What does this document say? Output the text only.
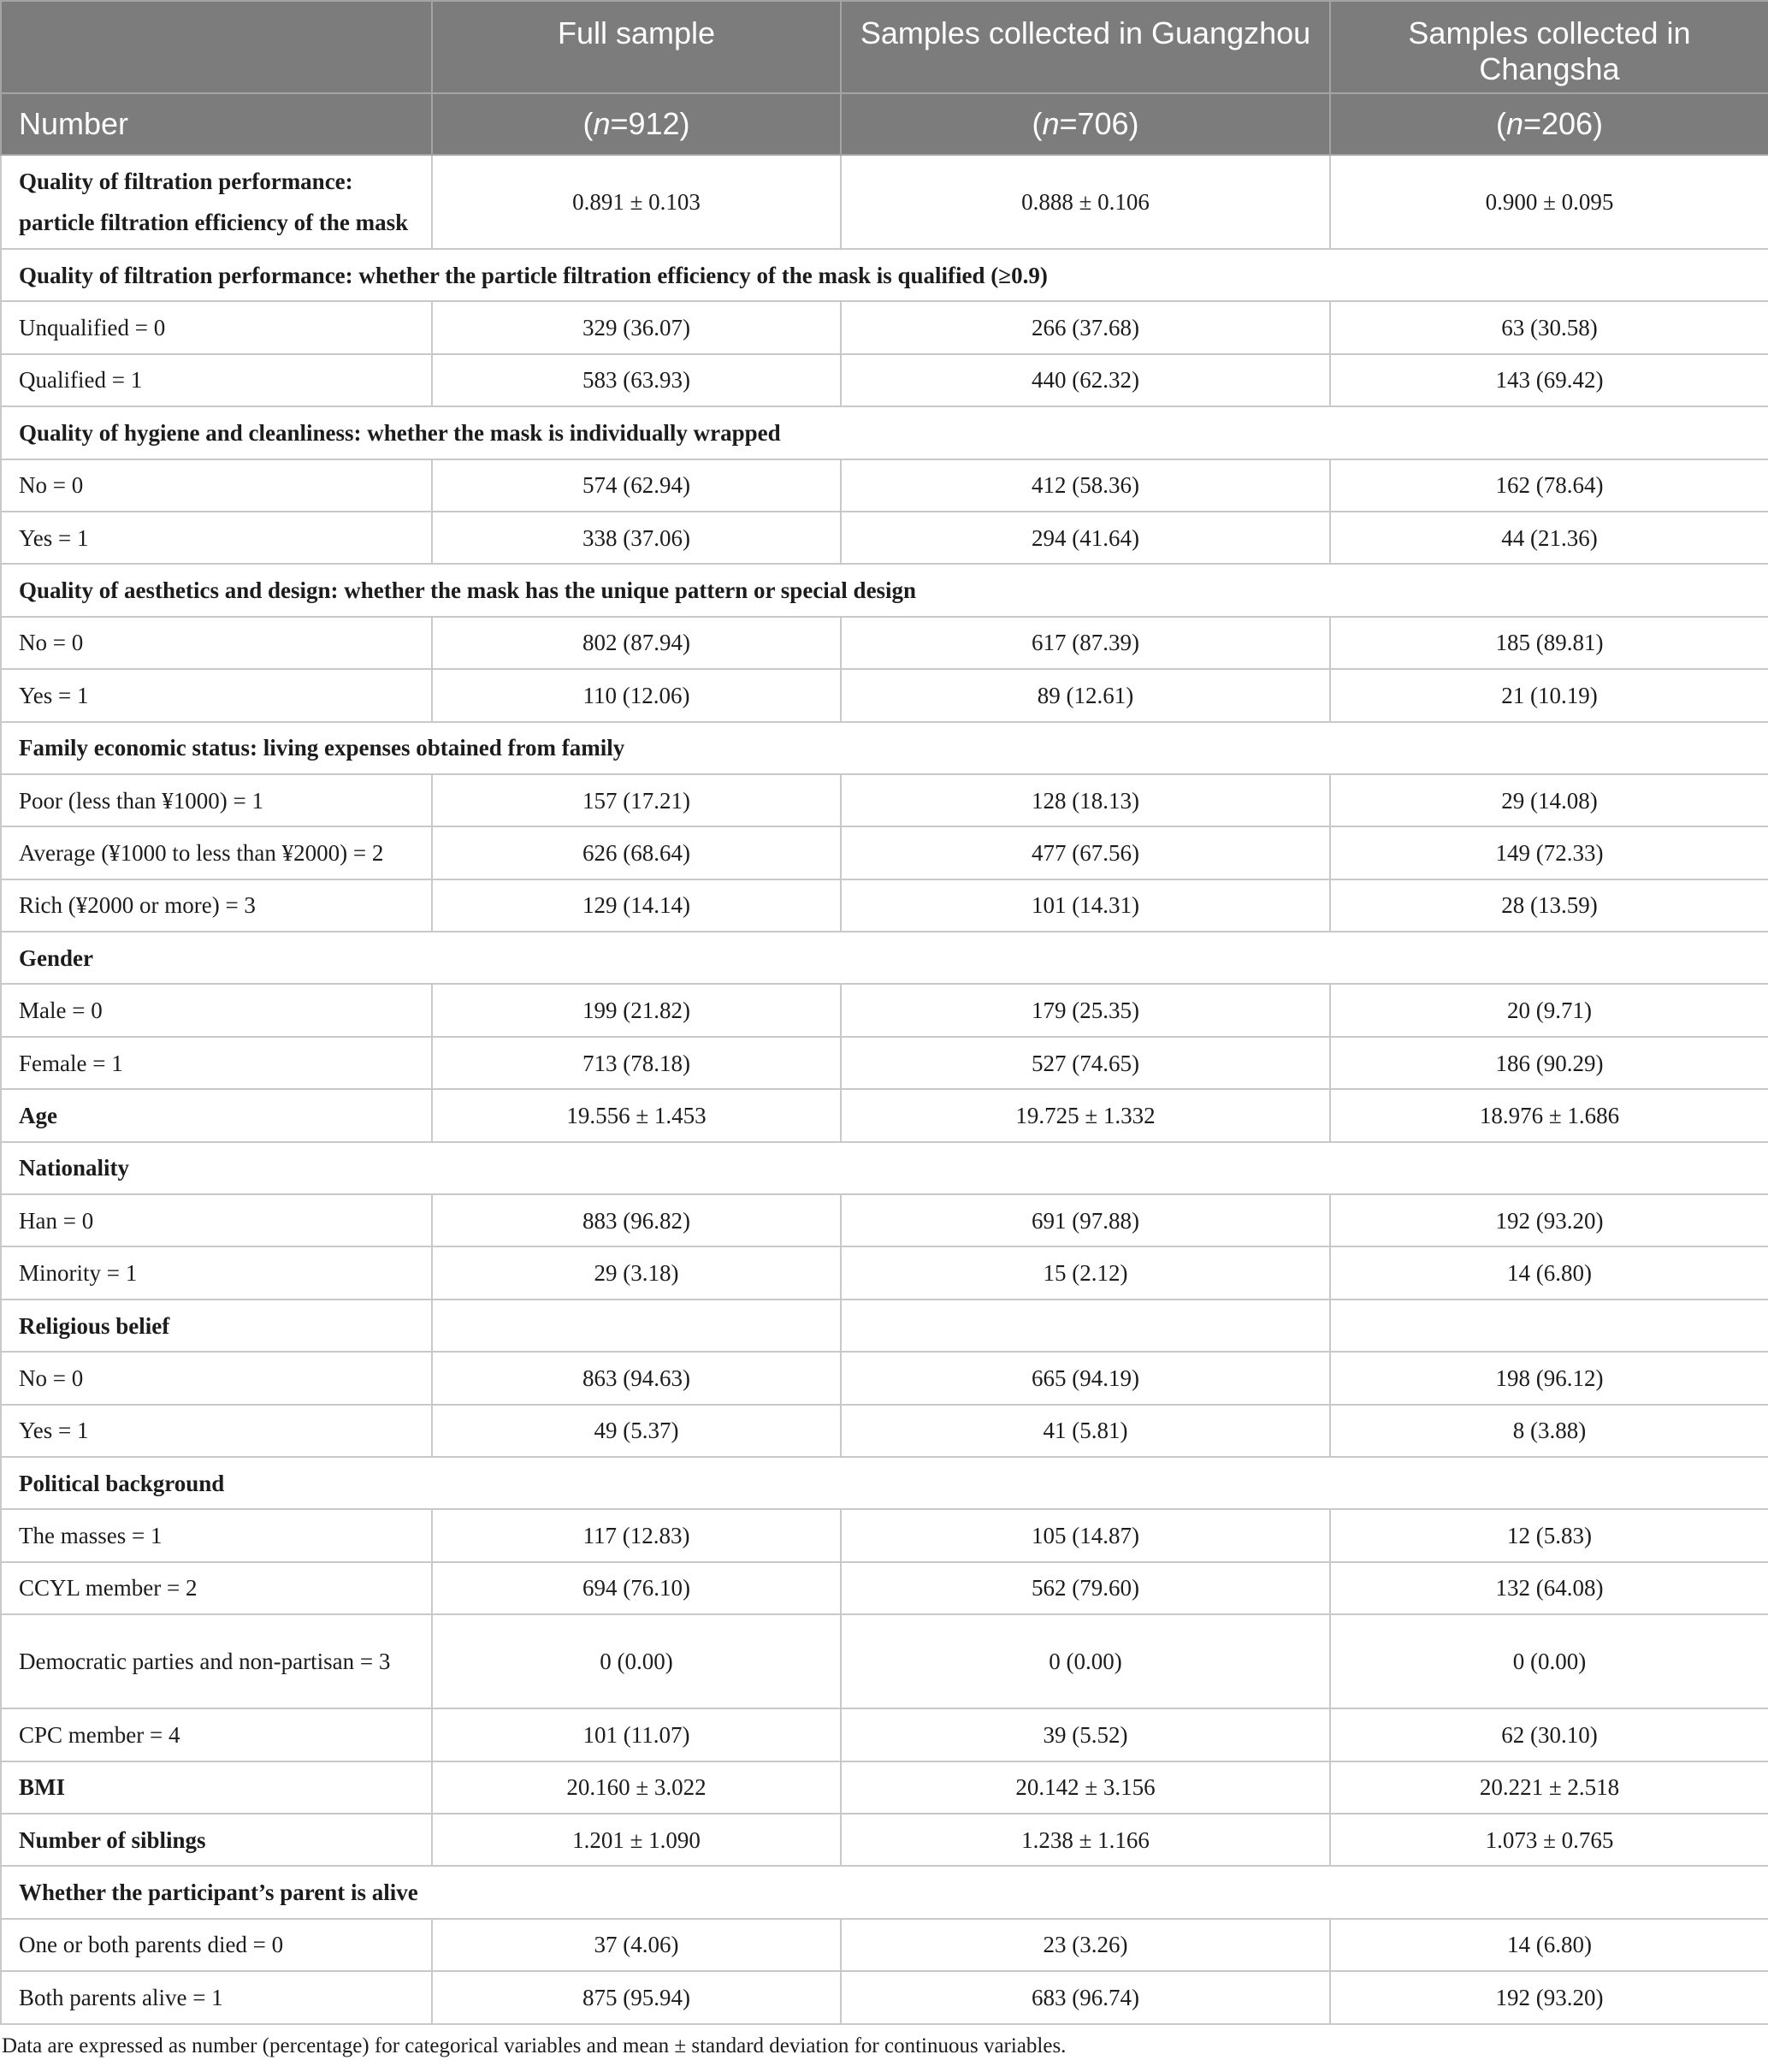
	Full sample	Samples collected in Guangzhou	Samples collected in Changsha
Number	(n=912)	(n=706)	(n=206)
Quality of filtration performance: particle filtration efficiency of the mask	0.891 ± 0.103	0.888 ± 0.106	0.900 ± 0.095
Quality of filtration performance: whether the particle filtration efficiency of the mask is qualified (≥0.9)			
Unqualified = 0	329 (36.07)	266 (37.68)	63 (30.58)
Qualified = 1	583 (63.93)	440 (62.32)	143 (69.42)
Quality of hygiene and cleanliness: whether the mask is individually wrapped			
No = 0	574 (62.94)	412 (58.36)	162 (78.64)
Yes = 1	338 (37.06)	294 (41.64)	44 (21.36)
Quality of aesthetics and design: whether the mask has the unique pattern or special design			
No = 0	802 (87.94)	617 (87.39)	185 (89.81)
Yes = 1	110 (12.06)	89 (12.61)	21 (10.19)
Family economic status: living expenses obtained from family			
Poor (less than ¥1000) = 1	157 (17.21)	128 (18.13)	29 (14.08)
Average (¥1000 to less than ¥2000) = 2	626 (68.64)	477 (67.56)	149 (72.33)
Rich (¥2000 or more) = 3	129 (14.14)	101 (14.31)	28 (13.59)
Gender			
Male = 0	199 (21.82)	179 (25.35)	20 (9.71)
Female = 1	713 (78.18)	527 (74.65)	186 (90.29)
Age	19.556 ± 1.453	19.725 ± 1.332	18.976 ± 1.686
Nationality			
Han = 0	883 (96.82)	691 (97.88)	192 (93.20)
Minority = 1	29 (3.18)	15 (2.12)	14 (6.80)
Religious belief			
No = 0	863 (94.63)	665 (94.19)	198 (96.12)
Yes = 1	49 (5.37)	41 (5.81)	8 (3.88)
Political background			
The masses = 1	117 (12.83)	105 (14.87)	12 (5.83)
CCYL member = 2	694 (76.10)	562 (79.60)	132 (64.08)
Democratic parties and non-partisan = 3	0 (0.00)	0 (0.00)	0 (0.00)
CPC member = 4	101 (11.07)	39 (5.52)	62 (30.10)
BMI	20.160 ± 3.022	20.142 ± 3.156	20.221 ± 2.518
Number of siblings	1.201 ± 1.090	1.238 ± 1.166	1.073 ± 0.765
Whether the participant’s parent is alive			
One or both parents died = 0	37 (4.06)	23 (3.26)	14 (6.80)
Both parents alive = 1	875 (95.94)	683 (96.74)	192 (93.20)
Data are expressed as number (percentage) for categorical variables and mean ± standard deviation for continuous variables.
